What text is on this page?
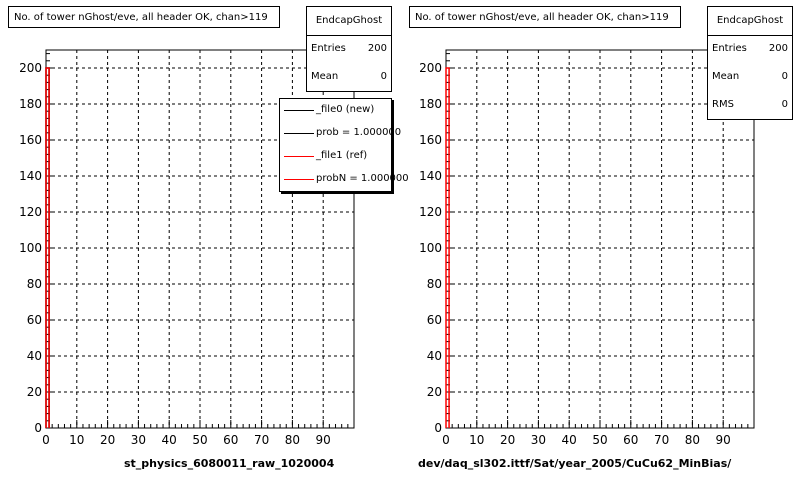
0 10 20 30 40 50 60 70 80 90
0
20
40
60
80
100
120
140
160
180
200
0 10 20 30 40 50 60 70 80 90
0
20
40
60
80
100
120
140
160
180
200
No. of tower nGhost/eve, all header OK, chan>119	EndcapGhost
Entries 200
Mean	0
_file0 (new)
prob = 1.000000
_file1 (ref)
probN = 1.000000
st_physics_6080011_raw_1020004
No. of tower nGhost/eve, all header OK, chan>119	EndcapGhost
Entries 200
Mean	0
RMS	0
dev/daq_sl302.ittf/Sat/year_2005/CuCu62_MinBias/
